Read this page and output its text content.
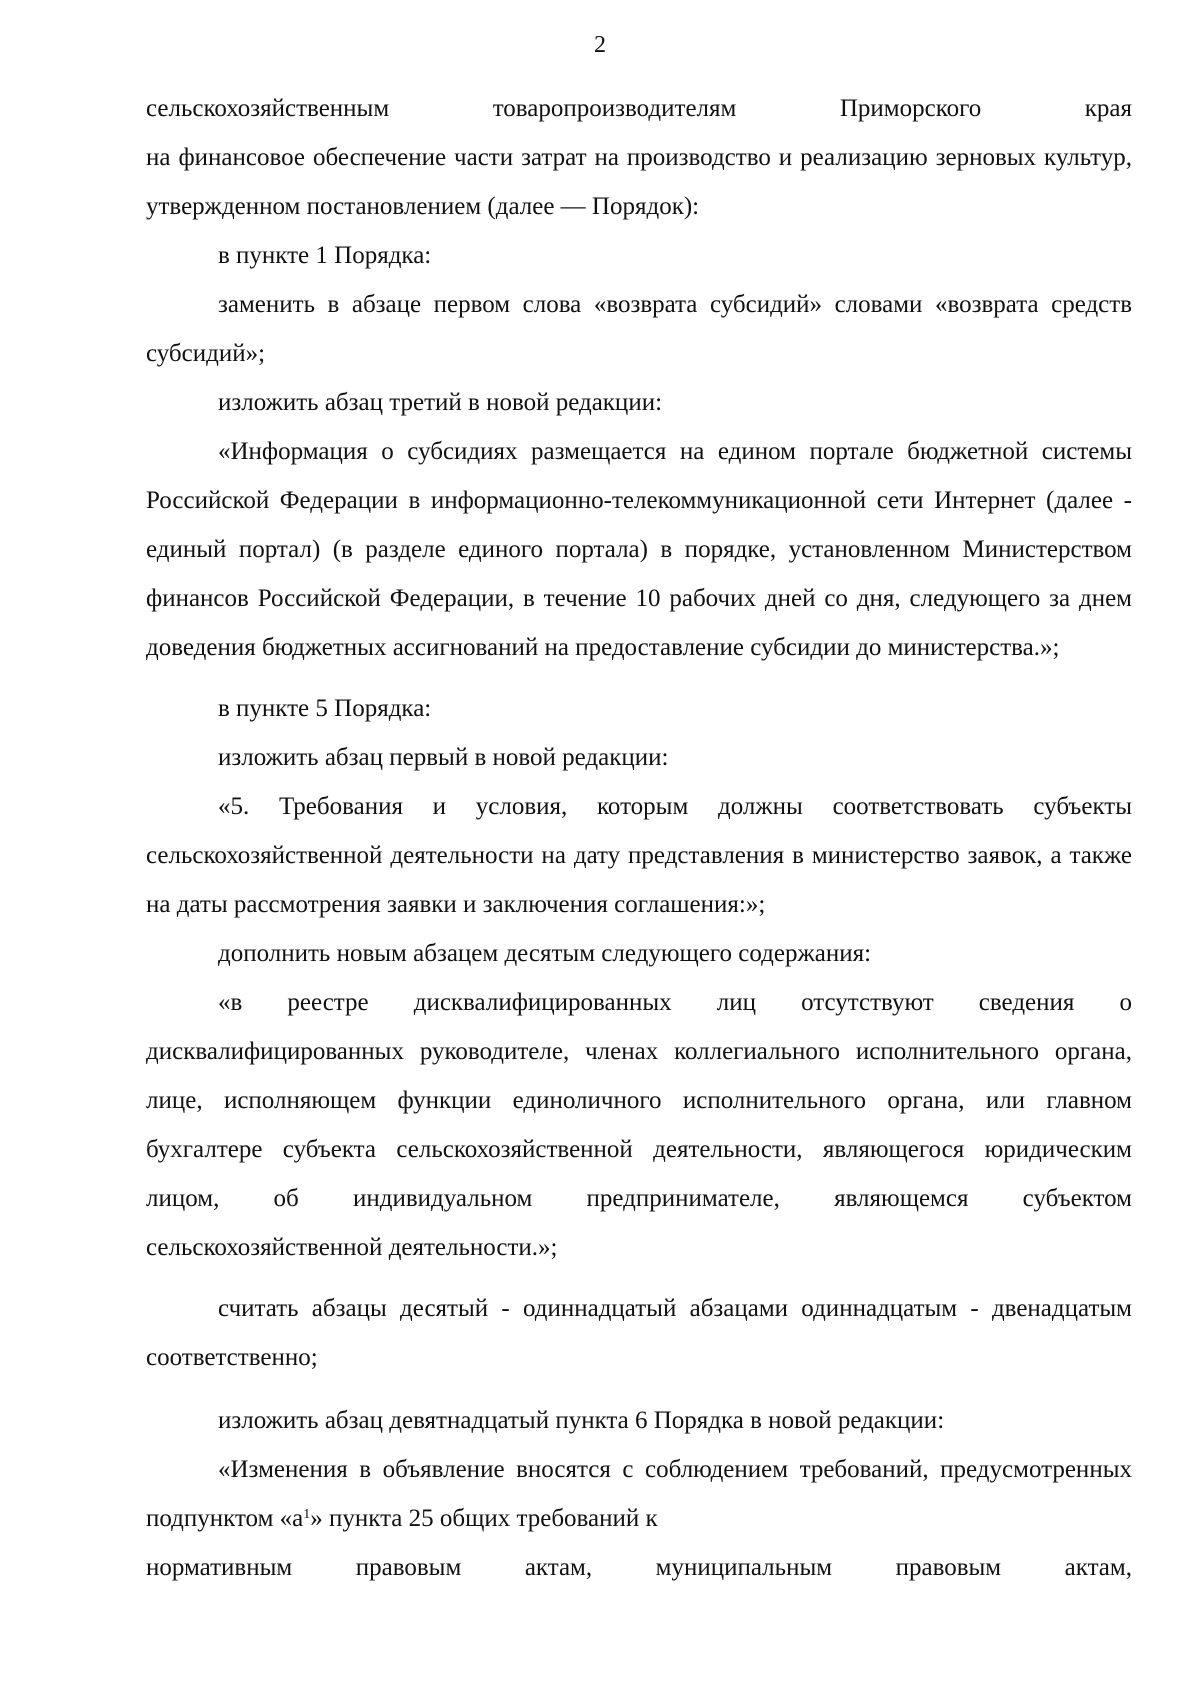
2
сельскохозяйственным	товаропроизводителям	Приморского	края

на финансовое обеспечение части затрат на производство и реализацию зерновых культур, утвержденном постановлением (далее — Порядок):

в пункте 1 Порядка:

заменить в абзаце первом слова «возврата субсидий» словами «возврата средств субсидий»;

изложить абзац третий в новой редакции:

«Информация о субсидиях размещается на едином портале бюджетной системы Российской Федерации в информационно-телекоммуникационной сети Интернет (далее - единый портал) (в разделе единого портала) в порядке, установленном Министерством финансов Российской Федерации, в течение 10 рабочих дней со дня, следующего за днем доведения бюджетных ассигнований на предоставление субсидии до министерства.»;

в пункте 5 Порядка:

изложить абзац первый в новой редакции:

«5. Требования и условия, которым должны соответствовать субъекты сельскохозяйственной деятельности на дату представления в министерство заявок, а также на даты рассмотрения заявки и заключения соглашения:»;

дополнить новым абзацем десятым следующего содержания:

«в реестре дисквалифицированных лиц отсутствуют сведения о дисквалифицированных руководителе, членах коллегиального исполнительного органа, лице, исполняющем функции единоличного исполнительного органа, или главном бухгалтере субъекта сельскохозяйственной деятельности, являющегося юридическим лицом, об индивидуальном предпринимателе, являющемся субъектом сельскохозяйственной деятельности.»;

считать абзацы десятый - одиннадцатый абзацами одиннадцатым - двенадцатым соответственно;

изложить абзац девятнадцатый пункта 6 Порядка в новой редакции:

«Изменения в объявление вносятся с соблюдением требований, предусмотренных подпунктом «$а^1$» пункта 25 общих требований к

нормативным	правовым	актам,	муниципальным	правовым	актам,
